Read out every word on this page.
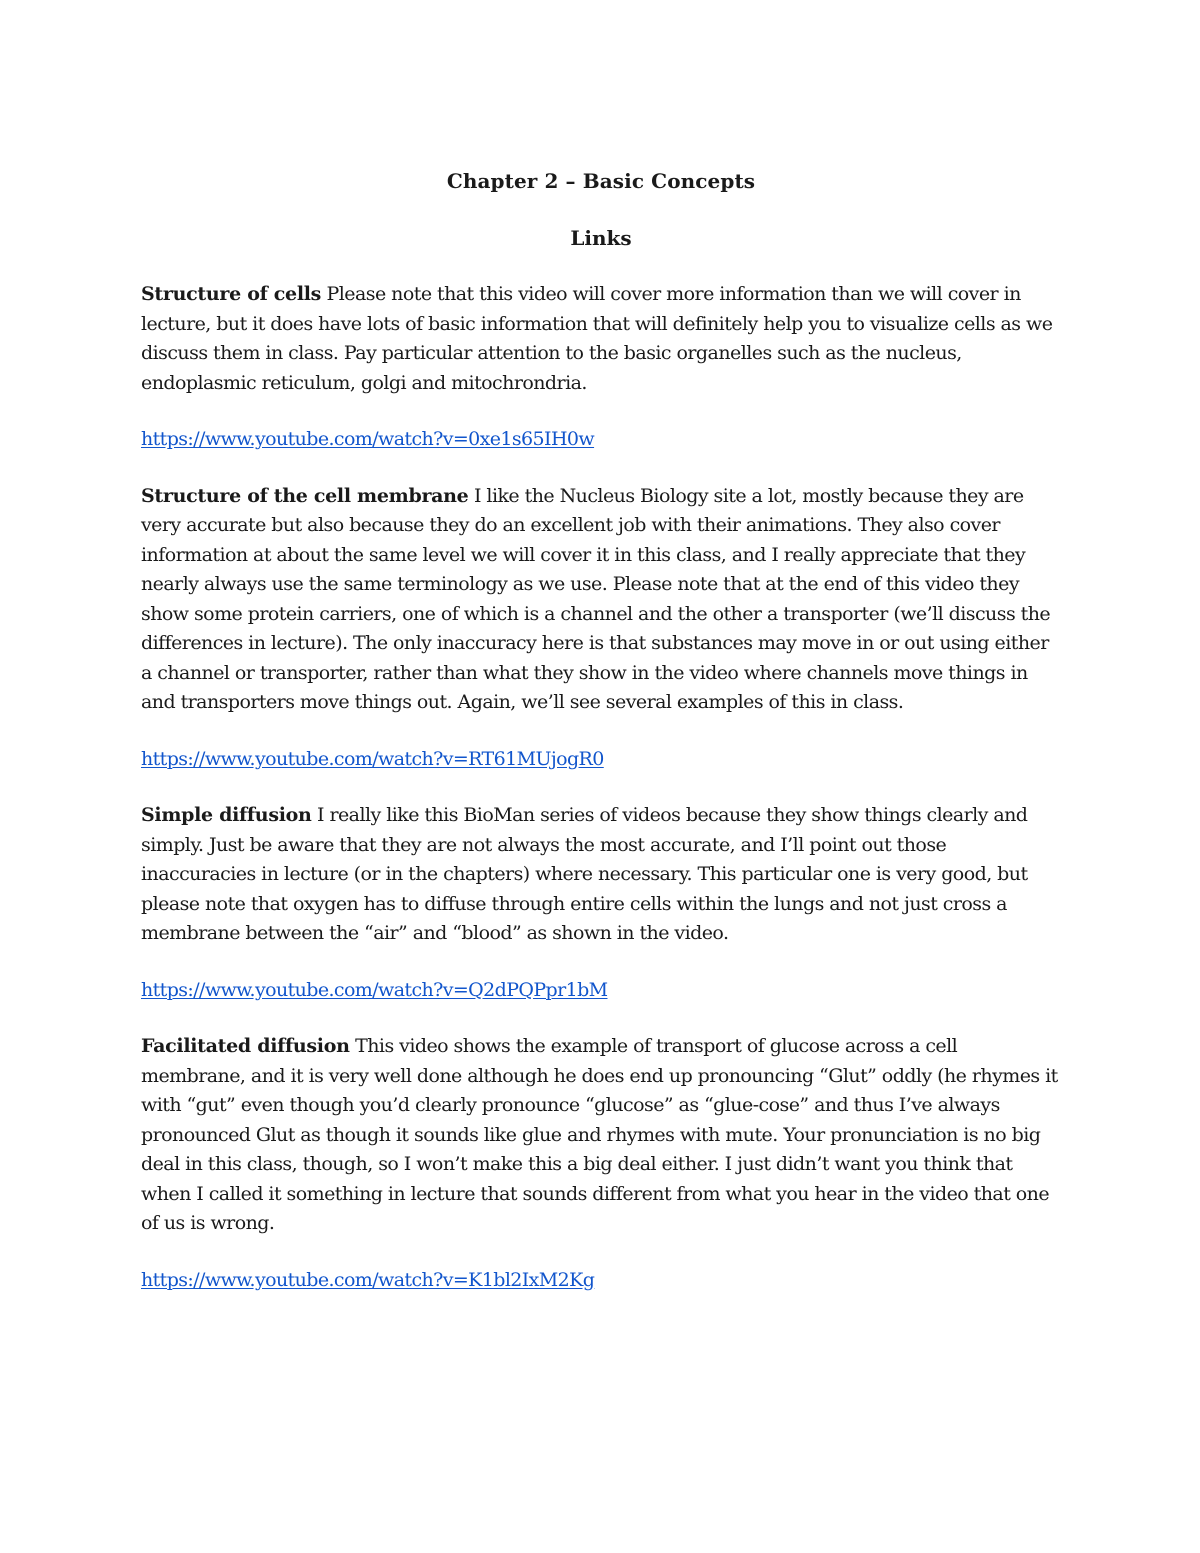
Chapter 2 – Basic Concepts
Links

Structure of cells Please note that this video will cover more information than we will cover in lecture, but it does have lots of basic information that will definitely help you to visualize cells as we discuss them in class. Pay particular attention to the basic organelles such as the nucleus, endoplasmic reticulum, golgi and mitochrondria.

https://www.youtube.com/watch?v=0xe1s65IH0w

Structure of the cell membrane I like the Nucleus Biology site a lot, mostly because they are very accurate but also because they do an excellent job with their animations. They also cover information at about the same level we will cover it in this class, and I really appreciate that they nearly always use the same terminology as we use. Please note that at the end of this video they show some protein carriers, one of which is a channel and the other a transporter (we’ll discuss the differences in lecture). The only inaccuracy here is that substances may move in or out using either a channel or transporter, rather than what they show in the video where channels move things in and transporters move things out. Again, we’ll see several examples of this in class.

https://www.youtube.com/watch?v=RT61MUjogR0

Simple diffusion I really like this BioMan series of videos because they show things clearly and simply. Just be aware that they are not always the most accurate, and I’ll point out those inaccuracies in lecture (or in the chapters) where necessary. This particular one is very good, but please note that oxygen has to diffuse through entire cells within the lungs and not just cross a membrane between the “air” and “blood” as shown in the video.

https://www.youtube.com/watch?v=Q2dPQPpr1bM

Facilitated diffusion This video shows the example of transport of glucose across a cell membrane, and it is very well done although he does end up pronouncing “Glut” oddly (he rhymes it with “gut” even though you’d clearly pronounce “glucose” as “glue-cose” and thus I’ve always pronounced Glut as though it sounds like glue and rhymes with mute. Your pronunciation is no big deal in this class, though, so I won’t make this a big deal either. I just didn’t want you think that when I called it something in lecture that sounds different from what you hear in the video that one of us is wrong.

https://www.youtube.com/watch?v=K1bl2IxM2Kg
